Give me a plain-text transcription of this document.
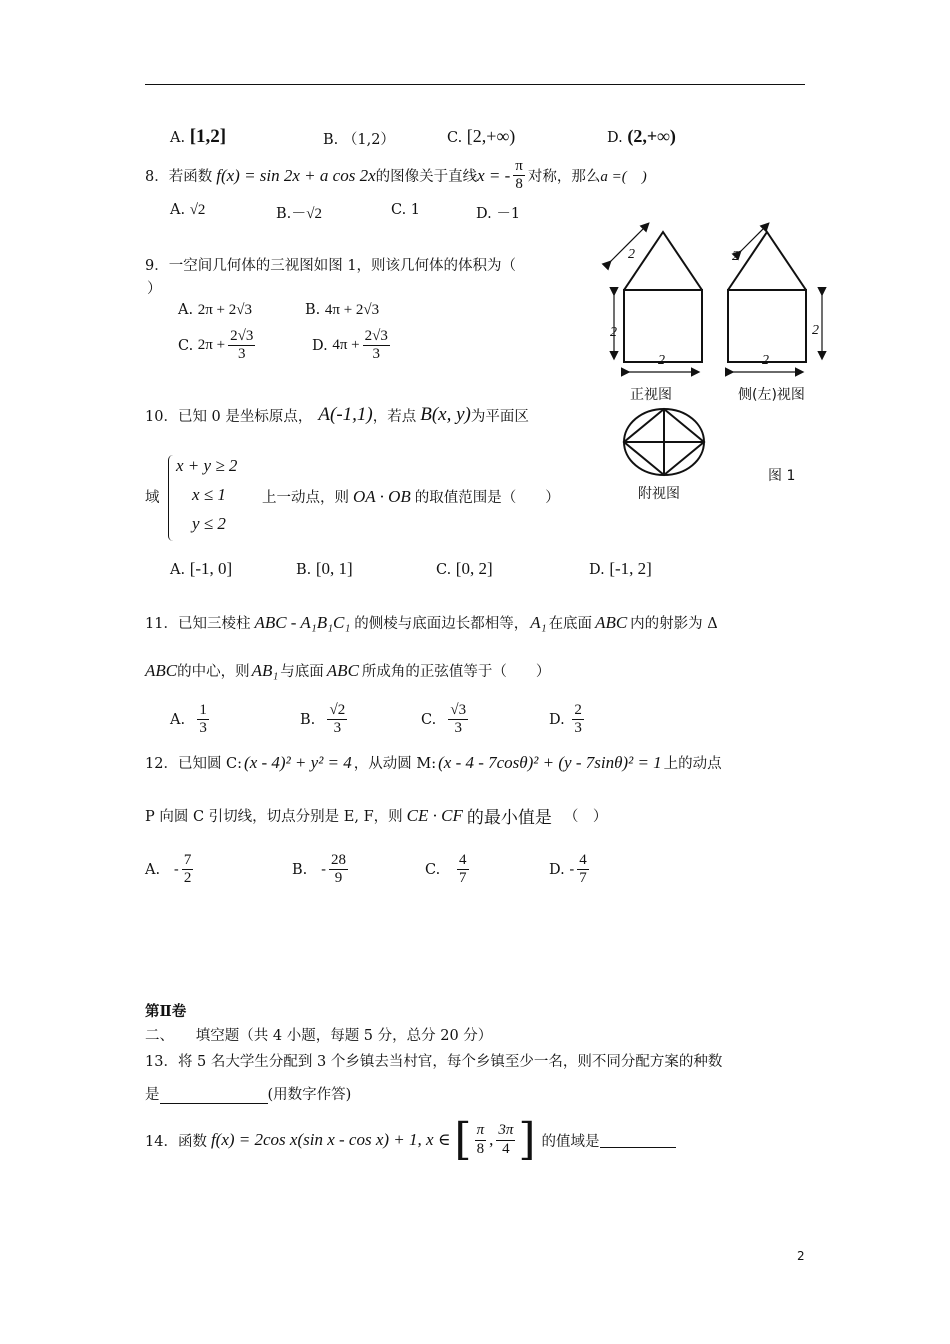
A. [1,2]	B. （1,2）	C. [2,+∞)	D. (2,+∞)
8．若函数 f(x) = sin 2x + a cos 2x 的图像关于直线 x = - $\frac{\pi}{8}$ 对称，那么 a =(　)
A. √2	B.－√2	C. 1	D. －1
9．一空间几何体的三视图如图 1，则该几何体的体积为（
）
A. 2π + 2√3	B. 4π + 2√3
C.
$2\pi + \frac{2√3}{3}$	D.
$4\pi + \frac{2√3}{3}$
2
2
2
2
2
2
正视图	侧(左)视图
附视图
图 1
10．已知 0 是坐标原点， A(-1,1) ，若点 B(x, y) 为平面区
域
x + y ≥ 2
x ≤ 1
y ≤ 2
上一动点，则 OA · OB 的取值范围是（　　）
A. [-1, 0]	B. [0, 1]	C. [0, 2]	D. [-1, 2]
11．已知三棱柱 ABC - A₁B₁C₁ 的侧棱与底面边长都相等， A₁ 在底面 ABC 内的射影为 Δ
ABC 的中心，则 AB₁ 与底面 ABC 所成角的正弦值等于（　　）
A.
$\frac{1}{3}$	B.
$\frac{√2}{3}$	C.
$\frac{√3}{3}$	D.
$\frac{2}{3}$
12．已知圆 C: (x - 4)² + y² = 4 ，从动圆 M: (x - 4 - 7cosθ)² + (y - 7sinθ)² = 1 上的动点
P 向圆 C 引切线，切点分别是 E, F，则 CE · CF 的最小值是 （　）
A.
- $\frac{7}{2}$	B.
- $\frac{28}{9}$	C.
$\frac{4}{7}$	D.
- $\frac{4}{7}$
第Ⅱ卷
二、　　填空题（共 4 小题，每题 5 分，总分 20 分）
13．将 5 名大学生分配到 3 个乡镇去当村官，每个乡镇至少一名，则不同分配方案的种数
是	(用数字作答)
14．函数 f(x) = 2cos x(sin x - cos x) + 1, x ∈ [ $\frac{\pi}{8}$ , $\frac{3\pi}{4}$ ] 的值域是
2
